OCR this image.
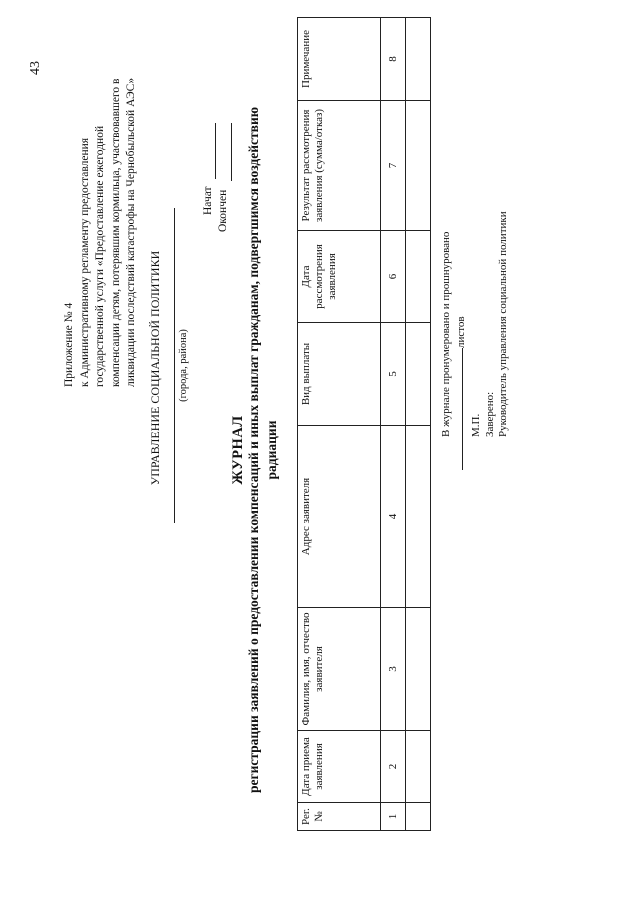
43
Приложение № 4 к Административному регламенту предоставления государственной услуги «Предоставление ежегодной компенсации детям, потерявшим кормильца, участвовавшего в ликвидации последствий катастрофы на Чернобыльской АЭС» УПРАВЛЕНИЕ СОЦИАЛЬНОЙ ПОЛИТИКИ (города, района)
Начат Окончен
ЖУРНАЛ регистрации заявлений о предоставлении компенсаций и иных выплат гражданам, подвергшимся воздействию радиации
Рег. №	Дата приема заявления	Фамилия, имя, отчество заявителя	Адрес заявителя	Вид выплаты	Дата рассмотрения заявления	Результат рассмотрения заявления (сумма/отказ)	Примечание
1	2	3	4	5	6	7	8

В журнале пронумеровано и прошнуровано листов
М.П. Заверено: Руководитель управления социальной политики
